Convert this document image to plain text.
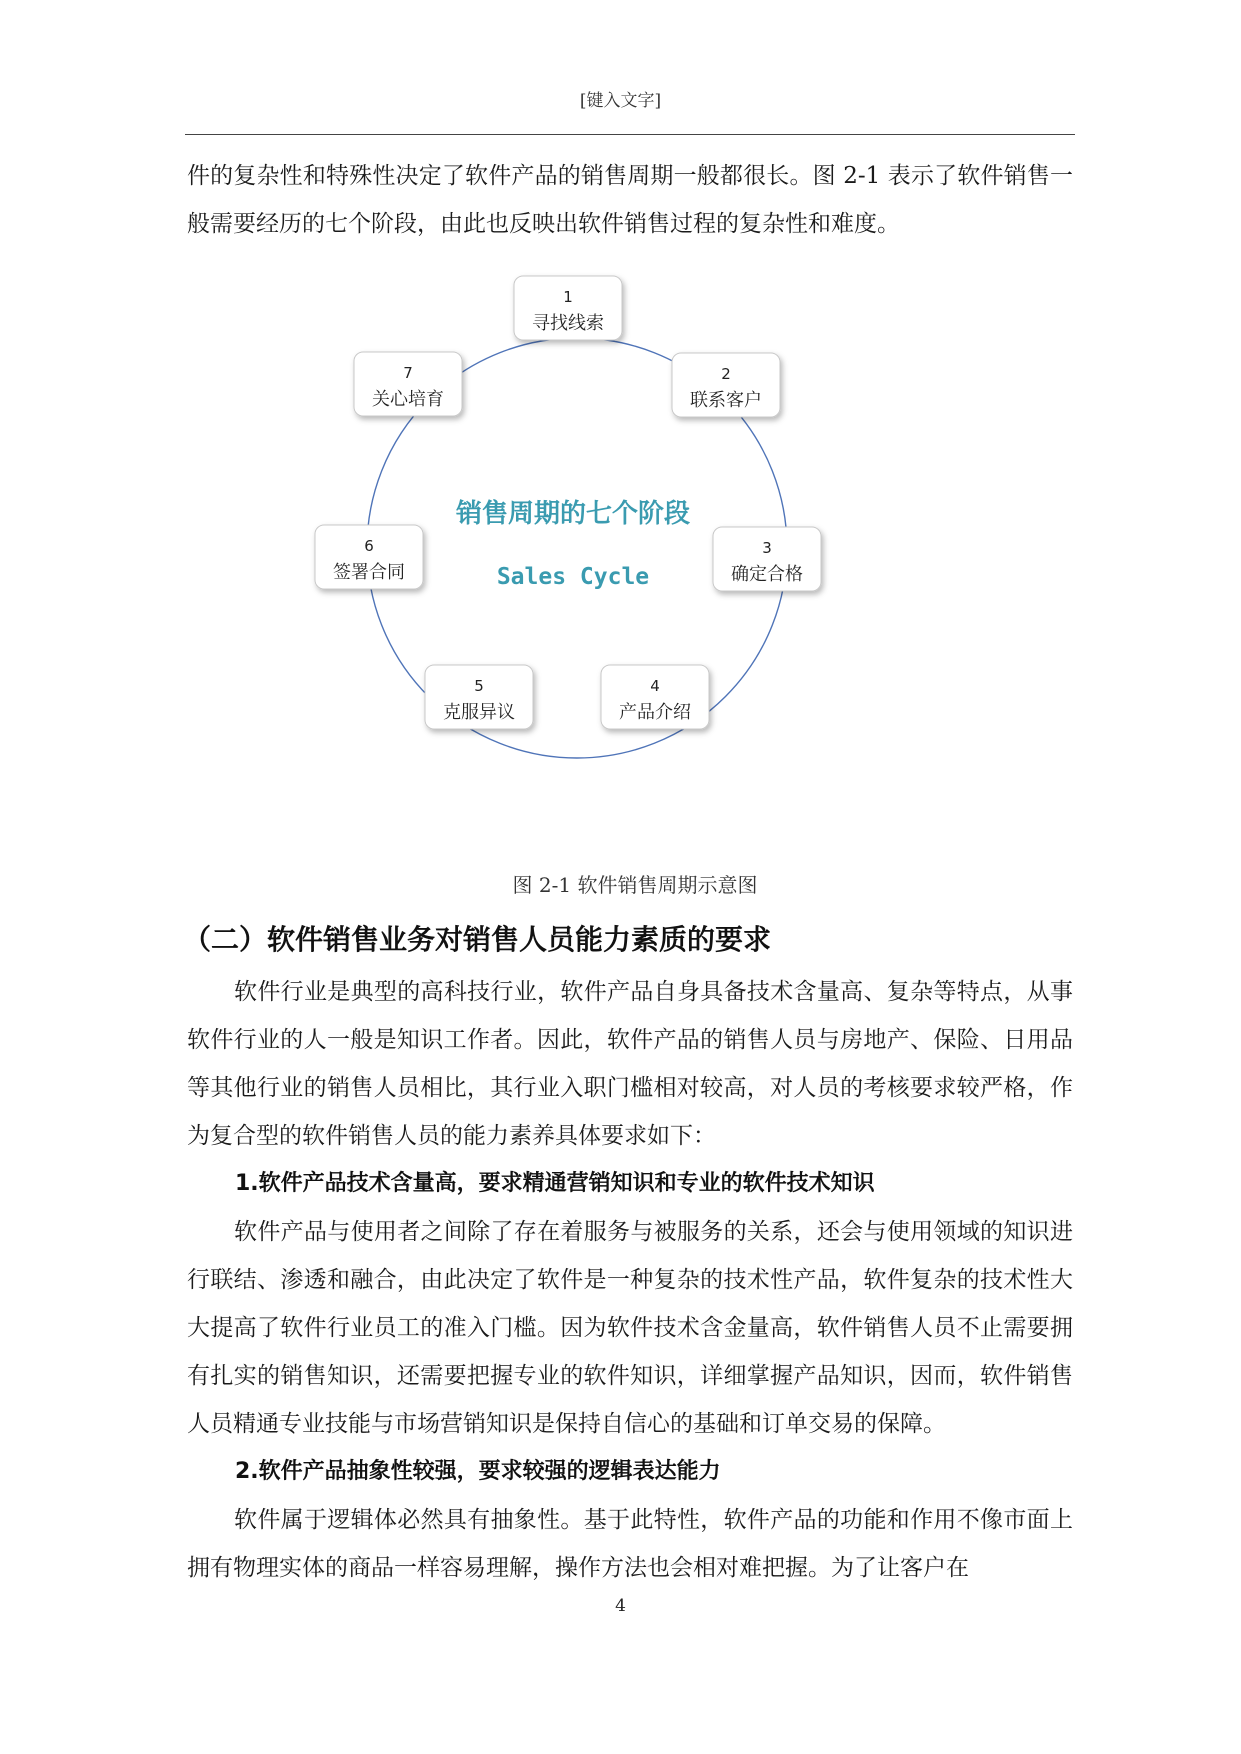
[键入文字]

件的复杂性和特殊性决定了软件产品的销售周期一般都很长。图 2-1 表示了软件销售一般需要经历的七个阶段，由此也反映出软件销售过程的复杂性和难度。

销售周期的七个阶段
Sales Cycle
1
寻找线索
2
联系客户
3
确定合格
4
产品介绍
5
克服异议
6
签署合同
7
关心培育
图 2-1 软件销售周期示意图
（二）软件销售业务对销售人员能力素质的要求

软件行业是典型的高科技行业，软件产品自身具备技术含量高、复杂等特点，从事软件行业的人一般是知识工作者。因此，软件产品的销售人员与房地产、保险、日用品等其他行业的销售人员相比，其行业入职门槛相对较高，对人员的考核要求较严格，作为复合型的软件销售人员的能力素养具体要求如下：

1.软件产品技术含量高，要求精通营销知识和专业的软件技术知识

软件产品与使用者之间除了存在着服务与被服务的关系，还会与使用领域的知识进行联结、渗透和融合，由此决定了软件是一种复杂的技术性产品，软件复杂的技术性大大提高了软件行业员工的准入门槛。因为软件技术含金量高，软件销售人员不止需要拥有扎实的销售知识，还需要把握专业的软件知识，详细掌握产品知识，因而，软件销售人员精通专业技能与市场营销知识是保持自信心的基础和订单交易的保障。

2.软件产品抽象性较强，要求较强的逻辑表达能力

软件属于逻辑体必然具有抽象性。基于此特性，软件产品的功能和作用不像市面上拥有物理实体的商品一样容易理解，操作方法也会相对难把握。为了让客户在

4
